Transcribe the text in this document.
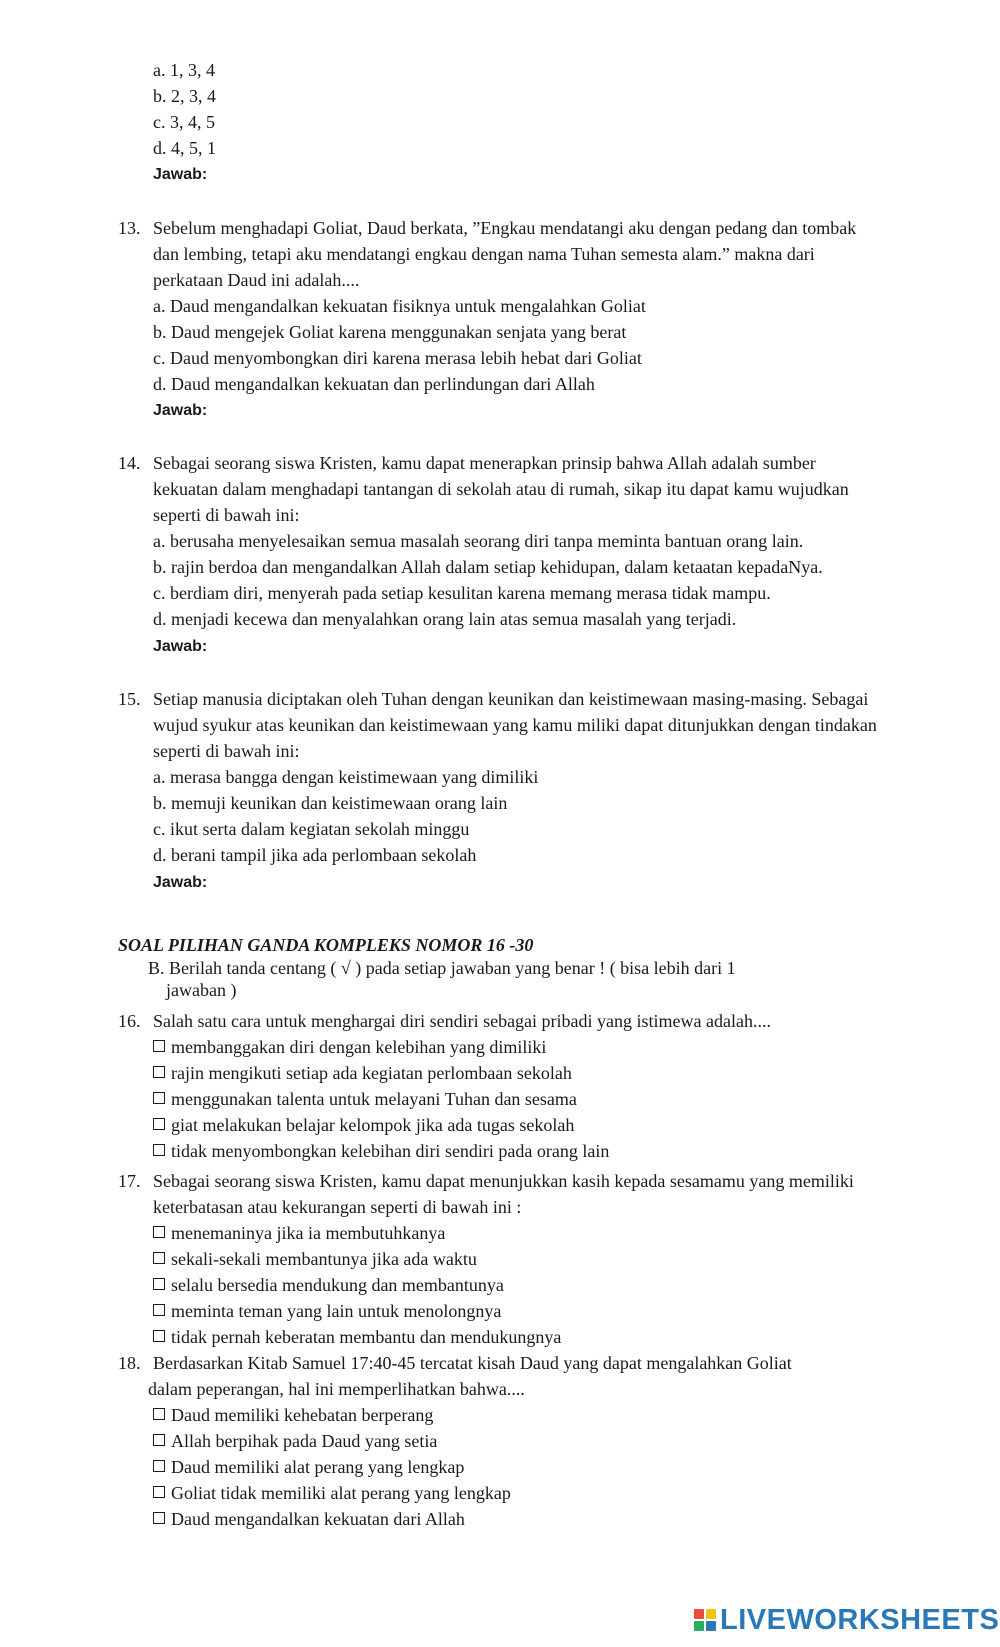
a. 1, 3, 4
b. 2, 3, 4
c. 3, 4, 5
d. 4, 5, 1
Jawab:
13. Sebelum menghadapi Goliat, Daud berkata, ”Engkau mendatangi aku dengan pedang dan tombak
dan lembing, tetapi aku mendatangi engkau dengan nama Tuhan semesta alam.” makna dari
perkataan Daud ini adalah....
a. Daud mengandalkan kekuatan fisiknya untuk mengalahkan Goliat
b. Daud mengejek Goliat karena menggunakan senjata yang berat
c. Daud menyombongkan diri karena merasa lebih hebat dari Goliat
d. Daud mengandalkan kekuatan dan perlindungan dari Allah
Jawab:
14. Sebagai seorang siswa Kristen, kamu dapat menerapkan prinsip bahwa Allah adalah sumber
kekuatan dalam menghadapi tantangan di sekolah atau di rumah, sikap itu dapat kamu wujudkan
seperti di bawah ini:
a. berusaha menyelesaikan semua masalah seorang diri tanpa meminta bantuan orang lain.
b. rajin berdoa dan mengandalkan Allah dalam setiap kehidupan, dalam ketaatan kepadaNya.
c. berdiam diri, menyerah pada setiap kesulitan karena memang merasa tidak mampu.
d. menjadi kecewa dan menyalahkan orang lain atas semua masalah yang terjadi.
Jawab:
15. Setiap manusia diciptakan oleh Tuhan dengan keunikan dan keistimewaan masing-masing. Sebagai
wujud syukur atas keunikan dan keistimewaan yang kamu miliki dapat ditunjukkan dengan tindakan
seperti di bawah ini:
a. merasa bangga dengan keistimewaan yang dimiliki
b. memuji keunikan dan keistimewaan orang lain
c. ikut serta dalam kegiatan sekolah minggu
d. berani tampil jika ada perlombaan sekolah
Jawab:
SOAL PILIHAN GANDA KOMPLEKS NOMOR 16 -30
B. Berilah tanda centang ( √ ) pada setiap jawaban yang benar ! ( bisa lebih dari 1
jawaban )
16. Salah satu cara untuk menghargai diri sendiri sebagai pribadi yang istimewa adalah....
membanggakan diri dengan kelebihan yang dimiliki
rajin mengikuti setiap ada kegiatan perlombaan sekolah
menggunakan talenta untuk melayani Tuhan dan sesama
giat melakukan belajar kelompok jika ada tugas sekolah
tidak menyombongkan kelebihan diri sendiri pada orang lain
17. Sebagai seorang siswa Kristen, kamu dapat menunjukkan kasih kepada sesamamu yang memiliki
keterbatasan atau kekurangan seperti di bawah ini :
menemaninya jika ia membutuhkanya
sekali-sekali membantunya jika ada waktu
selalu bersedia mendukung dan membantunya
meminta teman yang lain untuk menolongnya
tidak pernah keberatan membantu dan mendukungnya
18. Berdasarkan Kitab Samuel 17:40-45 tercatat kisah Daud yang dapat mengalahkan Goliat
dalam peperangan, hal ini memperlihatkan bahwa....
Daud memiliki kehebatan berperang
Allah berpihak pada Daud yang setia
Daud memiliki alat perang yang lengkap
Goliat tidak memiliki alat perang yang lengkap
Daud mengandalkan kekuatan dari Allah
LIVEWORKSHEETS
